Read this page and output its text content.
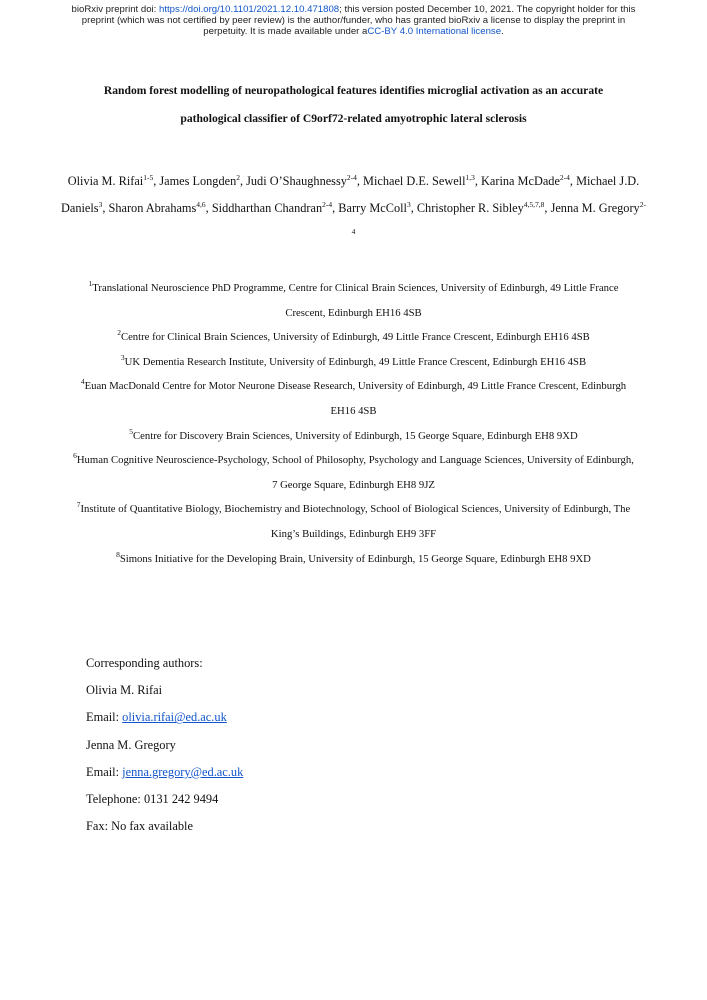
bioRxiv preprint doi: https://doi.org/10.1101/2021.12.10.471808; this version posted December 10, 2021. The copyright holder for this
preprint (which was not certified by peer review) is the author/funder, who has granted bioRxiv a license to display the preprint in
perpetuity. It is made available under aCC-BY 4.0 International license.
Random forest modelling of neuropathological features identifies microglial activation as an accurate
pathological classifier of C9orf72-related amyotrophic lateral sclerosis
Olivia M. Rifai$^{1-5}$, James Longden$^2$, Judi O’Shaughnessy$^{2-4}$, Michael D.E. Sewell$^{1,3}$, Karina McDade$^{2-4}$, Michael J.D. Daniels$^3$, Sharon Abrahams$^{4,6}$, Siddharthan Chandran$^{2-4}$, Barry McColl$^3$, Christopher R. Sibley$^{4,5,7,8}$, Jenna M. Gregory$^{2-4}$
$^1$Translational Neuroscience PhD Programme, Centre for Clinical Brain Sciences, University of Edinburgh, 49 Little France Crescent, Edinburgh EH16 4SB
$^2$Centre for Clinical Brain Sciences, University of Edinburgh, 49 Little France Crescent, Edinburgh EH16 4SB
$^3$UK Dementia Research Institute, University of Edinburgh, 49 Little France Crescent, Edinburgh EH16 4SB
$^4$Euan MacDonald Centre for Motor Neurone Disease Research, University of Edinburgh, 49 Little France Crescent, Edinburgh EH16 4SB
$^5$Centre for Discovery Brain Sciences, University of Edinburgh, 15 George Square, Edinburgh EH8 9XD
$^6$Human Cognitive Neuroscience-Psychology, School of Philosophy, Psychology and Language Sciences, University of Edinburgh, 7 George Square, Edinburgh EH8 9JZ
$^7$Institute of Quantitative Biology, Biochemistry and Biotechnology, School of Biological Sciences, University of Edinburgh, The King’s Buildings, Edinburgh EH9 3FF
$^8$Simons Initiative for the Developing Brain, University of Edinburgh, 15 George Square, Edinburgh EH8 9XD
Corresponding authors:
Olivia M. Rifai
Email: olivia.rifai@ed.ac.uk
Jenna M. Gregory
Email: jenna.gregory@ed.ac.uk
Telephone: 0131 242 9494
Fax: No fax available
